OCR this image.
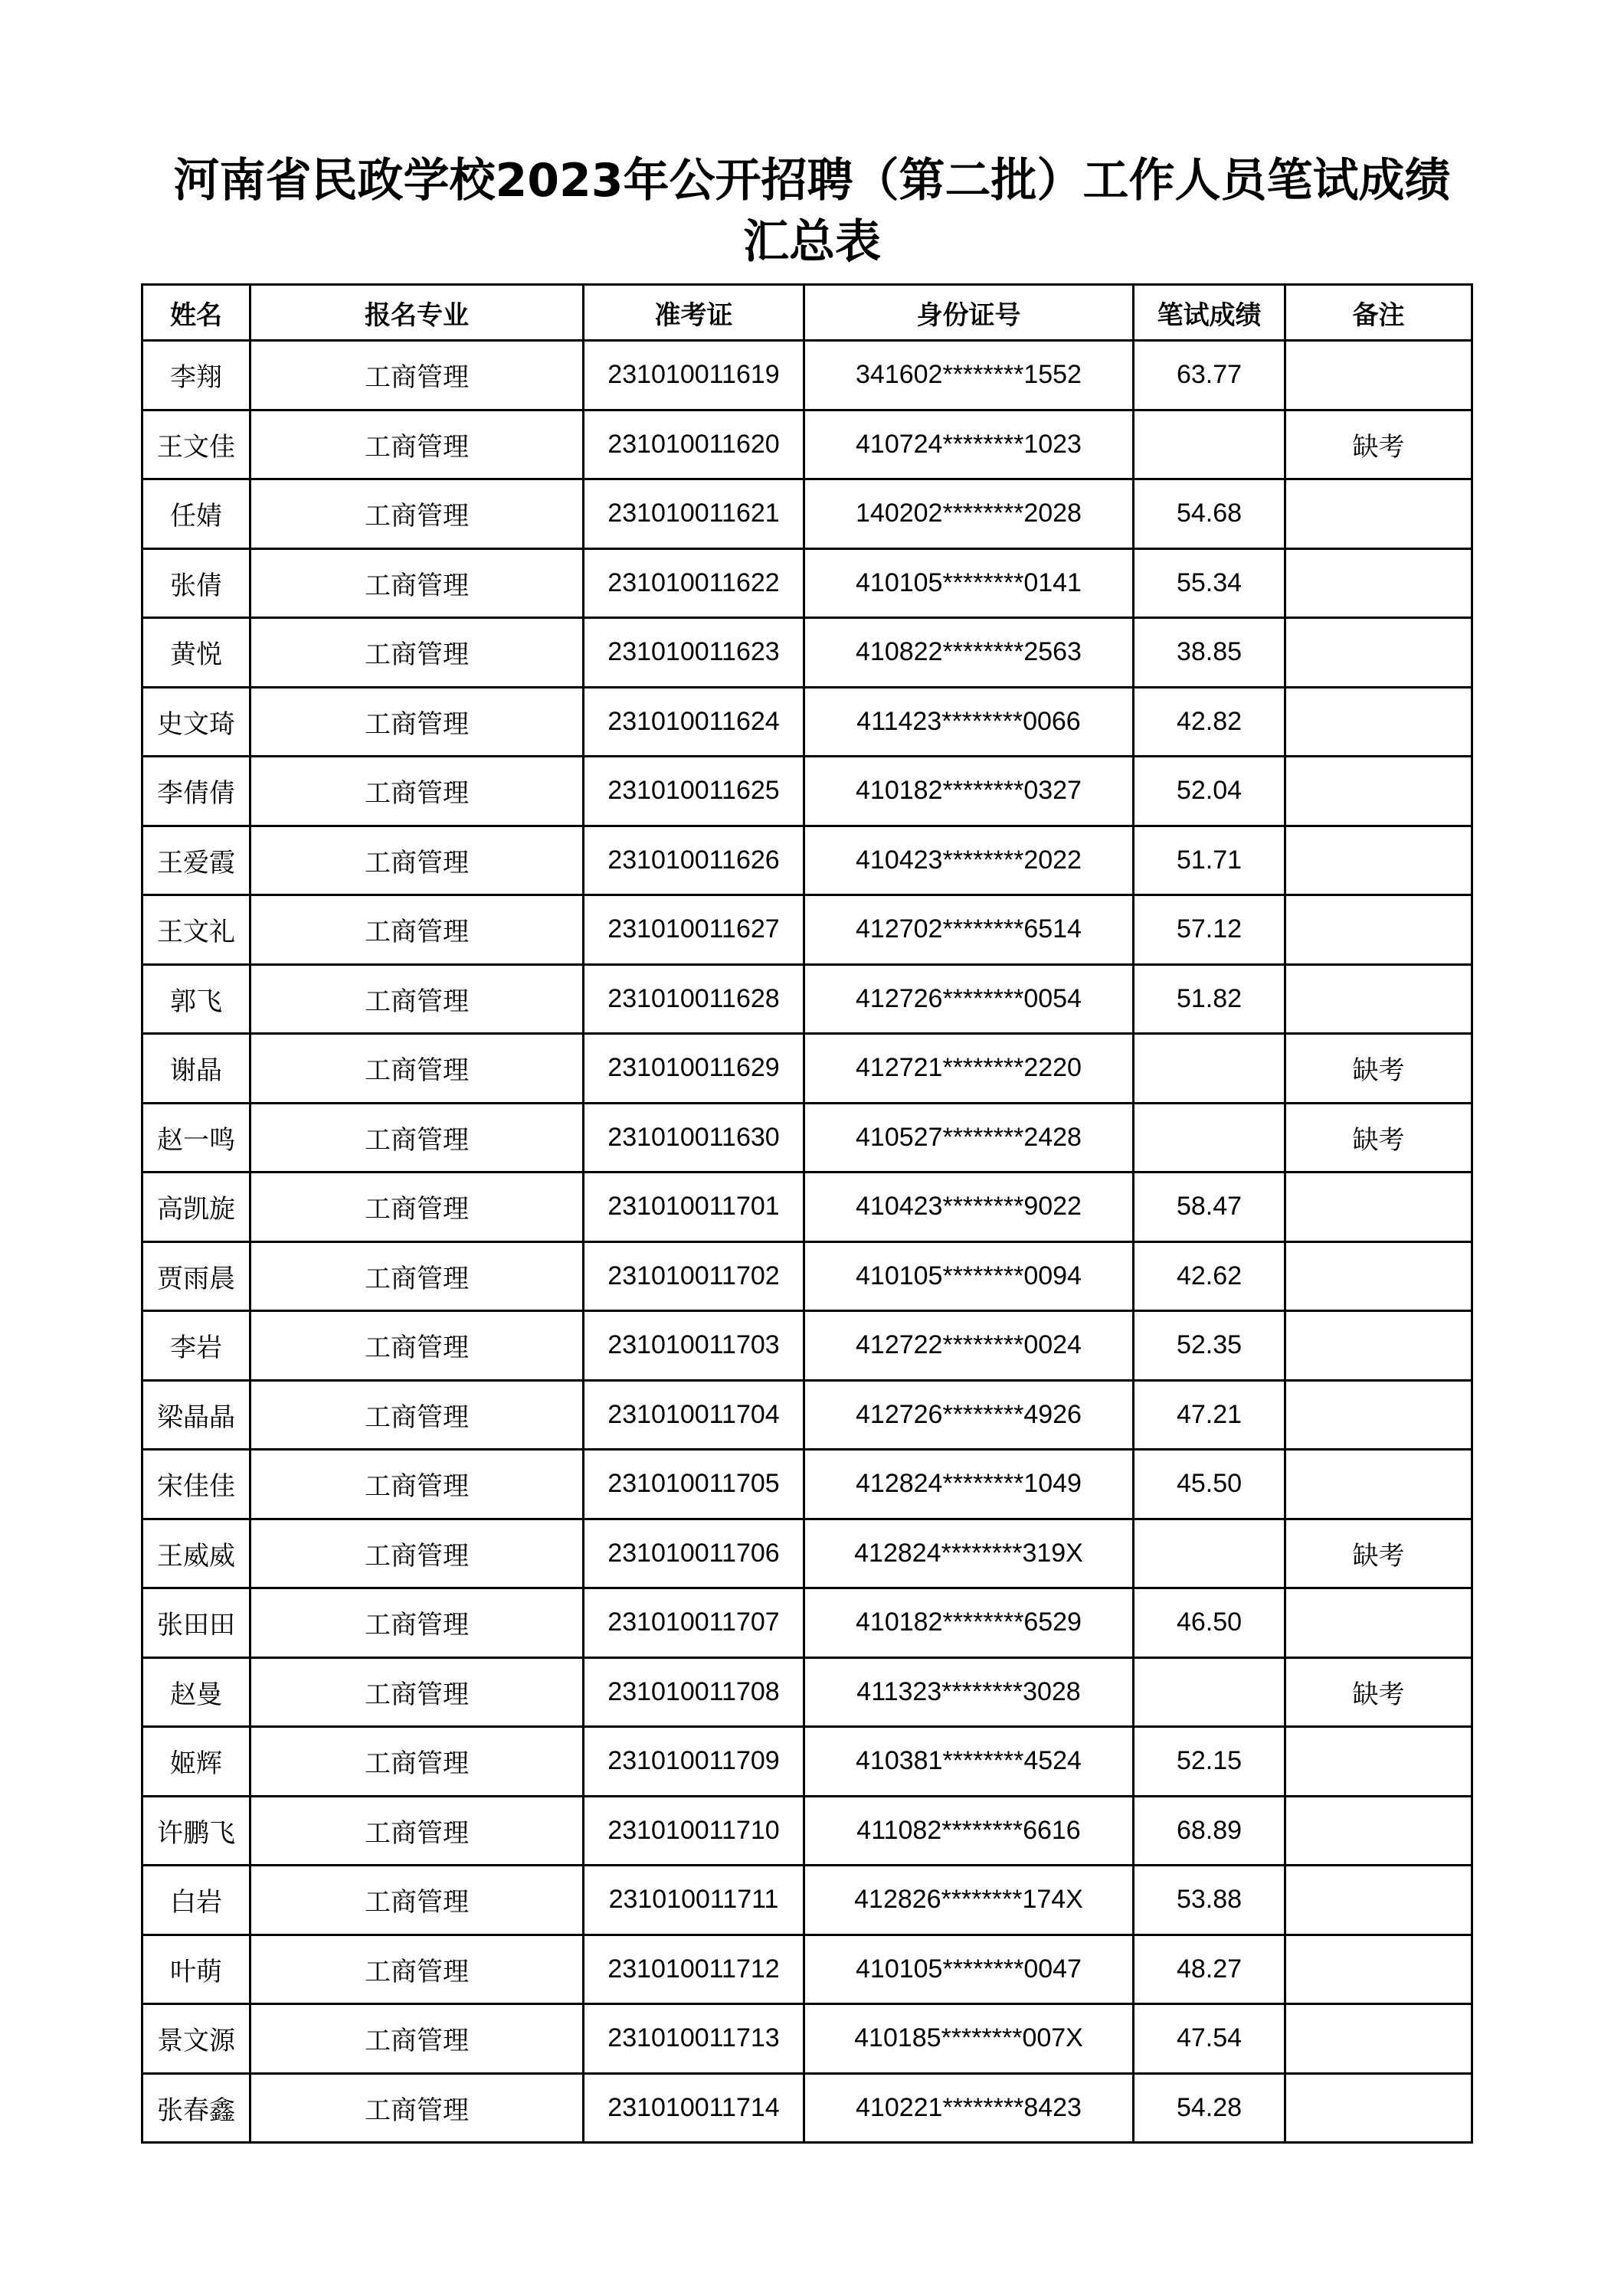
河南省民政学校2023年公开招聘（第二批）工作人员笔试成绩
汇总表
姓名	报名专业	准考证	身份证号	笔试成绩	备注
李翔	工商管理	231010011619	341602********1552	63.77	
王文佳	工商管理	231010011620	410724********1023		缺考
任婧	工商管理	231010011621	140202********2028	54.68	
张倩	工商管理	231010011622	410105********0141	55.34	
黄悦	工商管理	231010011623	410822********2563	38.85	
史文琦	工商管理	231010011624	411423********0066	42.82	
李倩倩	工商管理	231010011625	410182********0327	52.04	
王爱霞	工商管理	231010011626	410423********2022	51.71	
王文礼	工商管理	231010011627	412702********6514	57.12	
郭飞	工商管理	231010011628	412726********0054	51.82	
谢晶	工商管理	231010011629	412721********2220		缺考
赵一鸣	工商管理	231010011630	410527********2428		缺考
高凯旋	工商管理	231010011701	410423********9022	58.47	
贾雨晨	工商管理	231010011702	410105********0094	42.62	
李岩	工商管理	231010011703	412722********0024	52.35	
梁晶晶	工商管理	231010011704	412726********4926	47.21	
宋佳佳	工商管理	231010011705	412824********1049	45.50	
王威威	工商管理	231010011706	412824********319X		缺考
张田田	工商管理	231010011707	410182********6529	46.50	
赵曼	工商管理	231010011708	411323********3028		缺考
姬辉	工商管理	231010011709	410381********4524	52.15	
许鹏飞	工商管理	231010011710	411082********6616	68.89	
白岩	工商管理	231010011711	412826********174X	53.88	
叶萌	工商管理	231010011712	410105********0047	48.27	
景文源	工商管理	231010011713	410185********007X	47.54	
张春鑫	工商管理	231010011714	410221********8423	54.28	
